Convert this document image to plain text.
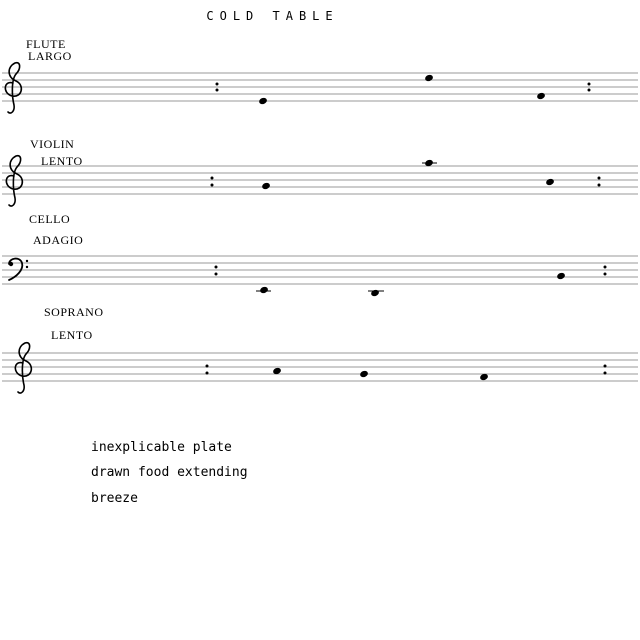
COLD TABLE
FLUTE
LARGO
VIOLIN
LENTO
CELLO
ADAGIO
SOPRANO
LENTO
inexplicable plate
drawn food extending
breeze
